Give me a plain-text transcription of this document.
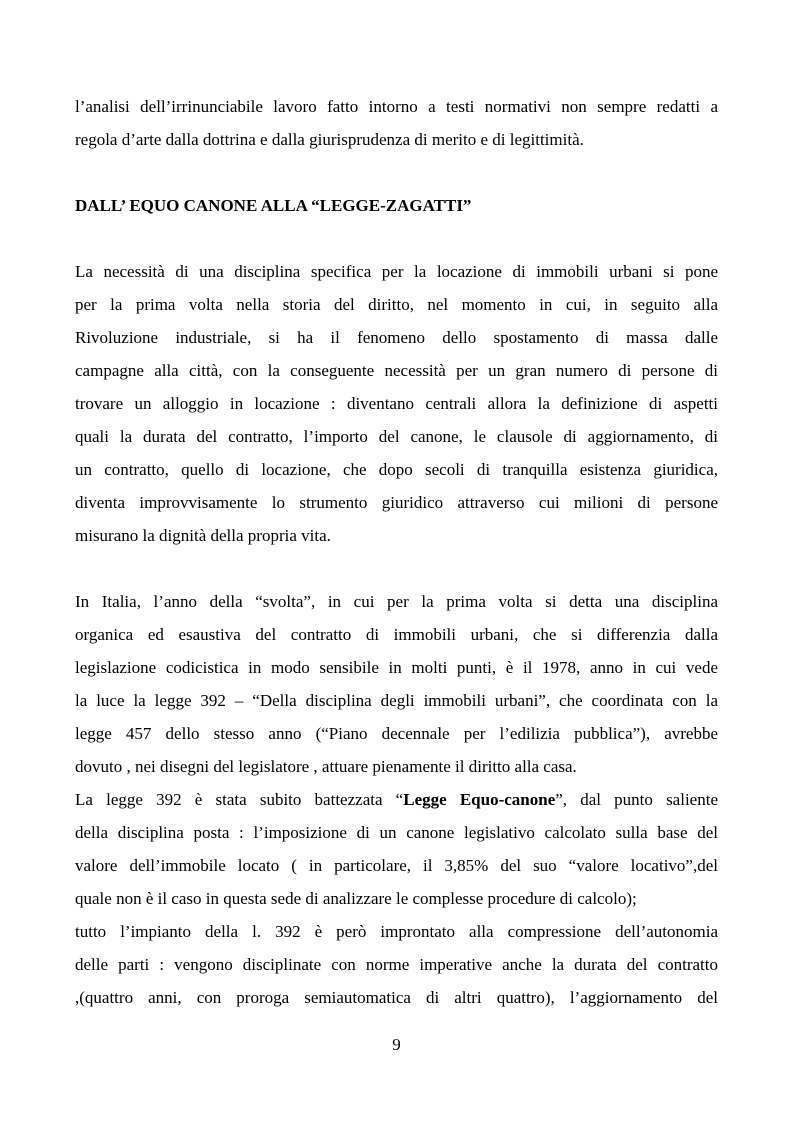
l’analisi dell’irrinunciabile lavoro fatto intorno a testi normativi non sempre redatti a
regola d’arte dalla dottrina e dalla giurisprudenza di merito e di legittimità.
DALL’ EQUO CANONE ALLA “LEGGE-ZAGATTI”
La necessità di una disciplina specifica per la locazione di immobili urbani si pone
per la prima volta nella storia del diritto, nel momento in cui, in seguito alla
Rivoluzione industriale, si ha il fenomeno dello spostamento di massa dalle
campagne alla città, con la conseguente necessità per un gran numero di persone di
trovare un alloggio in locazione : diventano centrali allora la definizione di aspetti
quali la durata del contratto, l’importo del canone, le clausole di aggiornamento, di
un contratto, quello di locazione, che dopo secoli di tranquilla esistenza giuridica,
diventa improvvisamente lo strumento giuridico attraverso cui milioni di persone
misurano la dignità della propria vita.
In Italia, l’anno della “svolta”, in cui per la prima volta si detta una disciplina
organica ed esaustiva del contratto di immobili urbani, che si differenzia dalla
legislazione codicistica in modo sensibile in molti punti, è il 1978, anno in cui vede
la luce la legge 392 – “Della disciplina degli immobili urbani”, che coordinata con la
legge 457 dello stesso anno (“Piano decennale per l’edilizia pubblica”), avrebbe
dovuto , nei disegni del legislatore , attuare pienamente il diritto alla casa.
La legge 392 è stata subito battezzata “Legge Equo-canone”, dal punto saliente
della disciplina posta : l’imposizione di un canone legislativo calcolato sulla base del
valore dell’immobile locato ( in particolare, il 3,85% del suo “valore locativo”,del
quale non è il caso in questa sede di analizzare le complesse procedure di calcolo);
tutto l’impianto della l. 392 è però improntato alla compressione dell’autonomia
delle parti : vengono disciplinate con norme imperative anche la durata del contratto
,(quattro anni, con proroga semiautomatica di altri quattro), l’aggiornamento del
9
